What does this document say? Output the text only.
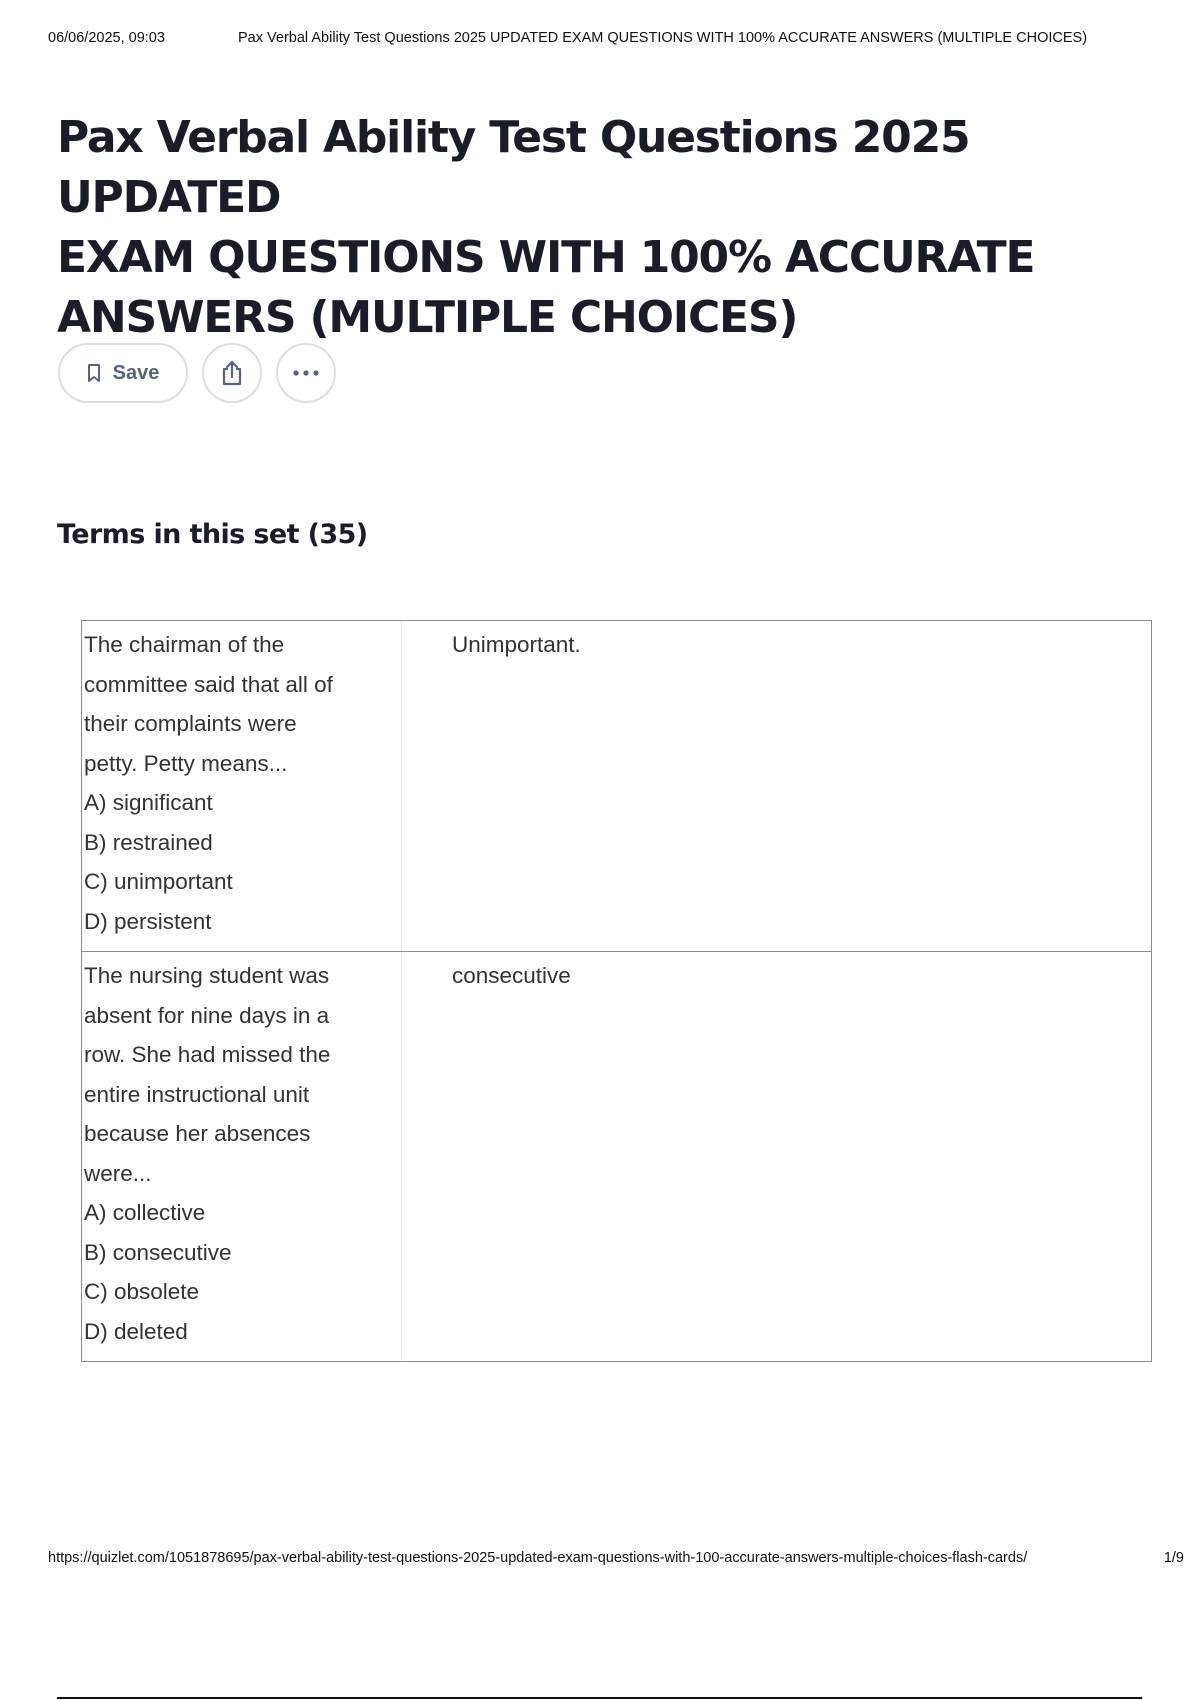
06/06/2025, 09:03	Pax Verbal Ability Test Questions 2025 UPDATED EXAM QUESTIONS WITH 100% ACCURATE ANSWERS (MULTIPLE CHOICES)
Pax Verbal Ability Test Questions 2025 UPDATED
EXAM QUESTIONS WITH 100% ACCURATE
ANSWERS (MULTIPLE CHOICES)
Save
Terms in this set (35)
The chairman of the
committee said that all of
their complaints were
petty. Petty means...
A) significant
B) restrained
C) unimportant
D) persistent
Unimportant.
The nursing student was
absent for nine days in a
row. She had missed the
entire instructional unit
because her absences
were...
A) collective
B) consecutive
C) obsolete
D) deleted
consecutive
https://quizlet.com/1051878695/pax-verbal-ability-test-questions-2025-updated-exam-questions-with-100-accurate-answers-multiple-choices-flash-cards/	1/9
